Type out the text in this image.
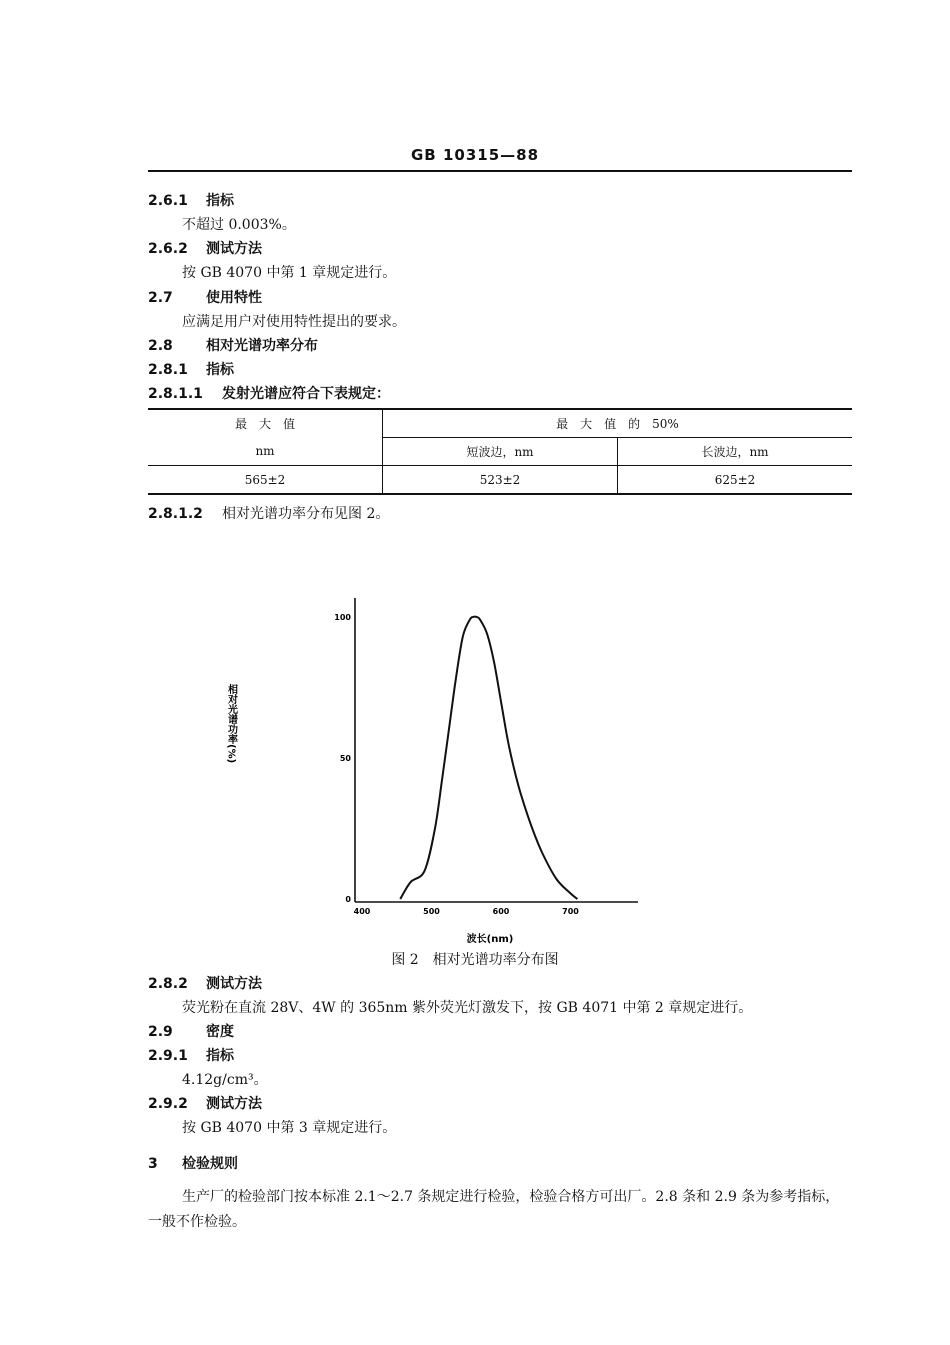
GB 10315—88
2.6.1 指标
不超过 0.003%。
2.6.2 测试方法
按 GB 4070 中第 1 章规定进行。
2.7 使用特性
应满足用户对使用特性提出的要求。
2.8 相对光谱功率分布
2.8.1 指标
2.8.1.1 发射光谱应符合下表规定：
最　大　值	最　大　值　的　50%	
nm	短波边，nm	长波边，nm
565±2	523±2	625±2
2.8.1.2 相对光谱功率分布见图 2。
相对光谱功率(%)
波长(nm)
400	500	600	700
0
50
100
图 2　相对光谱功率分布图
2.8.2 测试方法
荧光粉在直流 28V、4W 的 365nm 紫外荧光灯激发下，按 GB 4071 中第 2 章规定进行。
2.9 密度
2.9.1 指标
4.12g/cm³。
2.9.2 测试方法
按 GB 4070 中第 3 章规定进行。
3 检验规则
生产厂的检验部门按本标准 2.1～2.7 条规定进行检验，检验合格方可出厂。2.8 条和 2.9 条为参考指标，一般不作检验。
